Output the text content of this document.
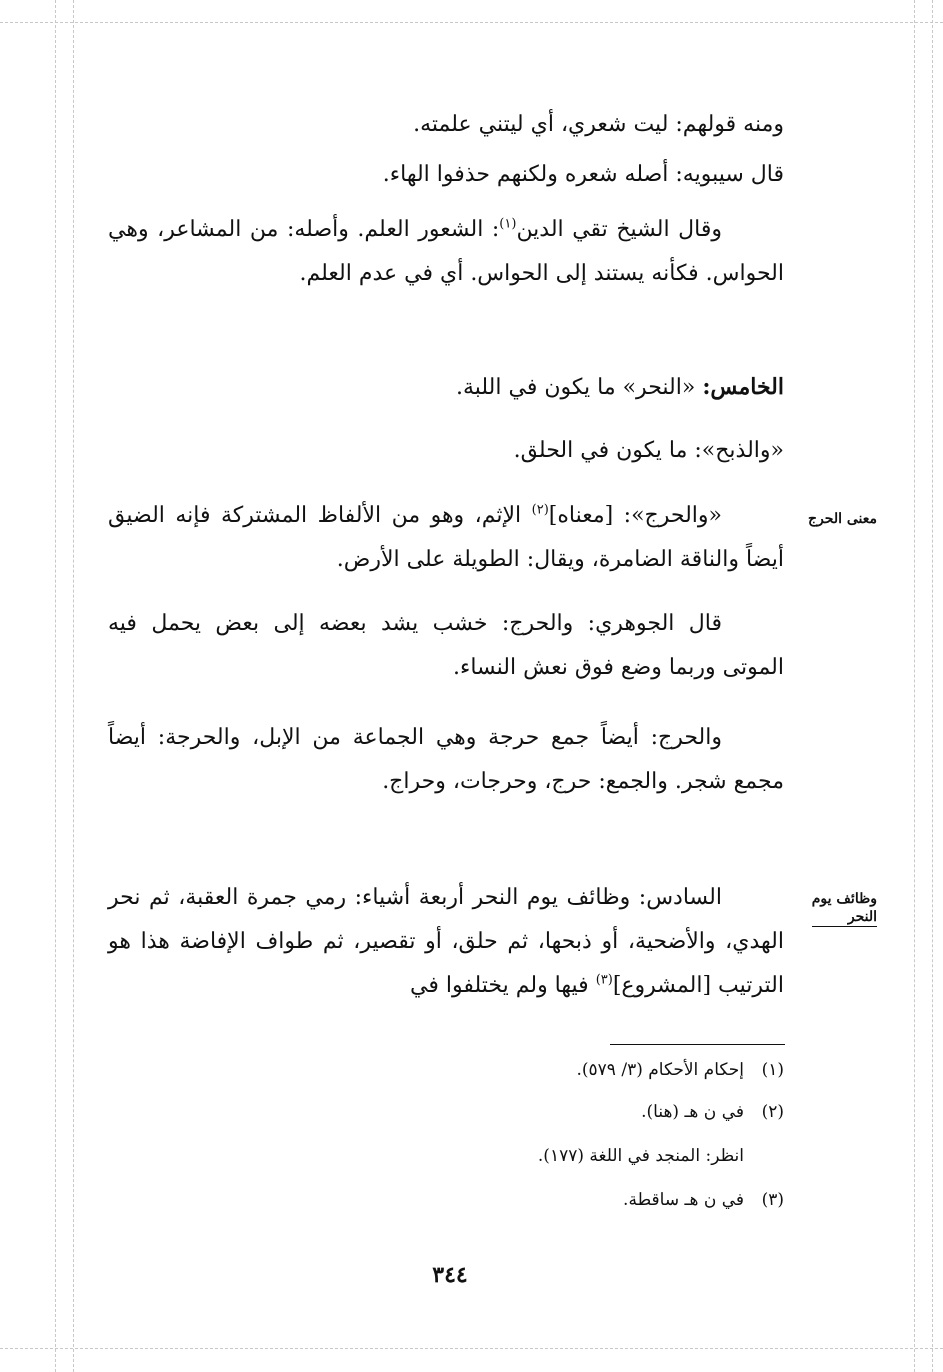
ومنه قولهم: ليت شعري، أي ليتني علمته.
قال سيبويه: أصله شعره ولكنهم حذفوا الهاء.

وقال الشيخ تقي الدين$^{(١)}$: الشعور العلم. وأصله: من المشاعر، وهي الحواس. فكأنه يستند إلى الحواس. أي في عدم العلم.

الخامس: «النحر» ما يكون في اللبة.
«والذبح»: ما يكون في الحلق.

«والحرج»: [معناه]$^{(٢)}$ الإثم، وهو من الألفاظ المشتركة فإنه الضيق أيضاً والناقة الضامرة، ويقال: الطويلة على الأرض.

قال الجوهري: والحرج: خشب يشد بعضه إلى بعض يحمل فيه الموتى وربما وضع فوق نعش النساء.

والحرج: أيضاً جمع حرجة وهي الجماعة من الإبل، والحرجة: أيضاً مجمع شجر. والجمع: حرج، وحرجات، وحراج.

السادس: وظائف يوم النحر أربعة أشياء: رمي جمرة العقبة، ثم نحر الهدي، والأضحية، أو ذبحها، ثم حلق، أو تقصير، ثم طواف الإفاضة هذا هو الترتيب [المشروع]$^{(٣)}$ فيها ولم يختلفوا في

معنى الحرج
وظائف يوم
النحر
(١)إحكام الأحكام (٣/ ٥٧٩).
(٢)في ن هـ (هنا).
انظر: المنجد في اللغة (١٧٧).
(٣)في ن هـ ساقطة.
٣٤٤
